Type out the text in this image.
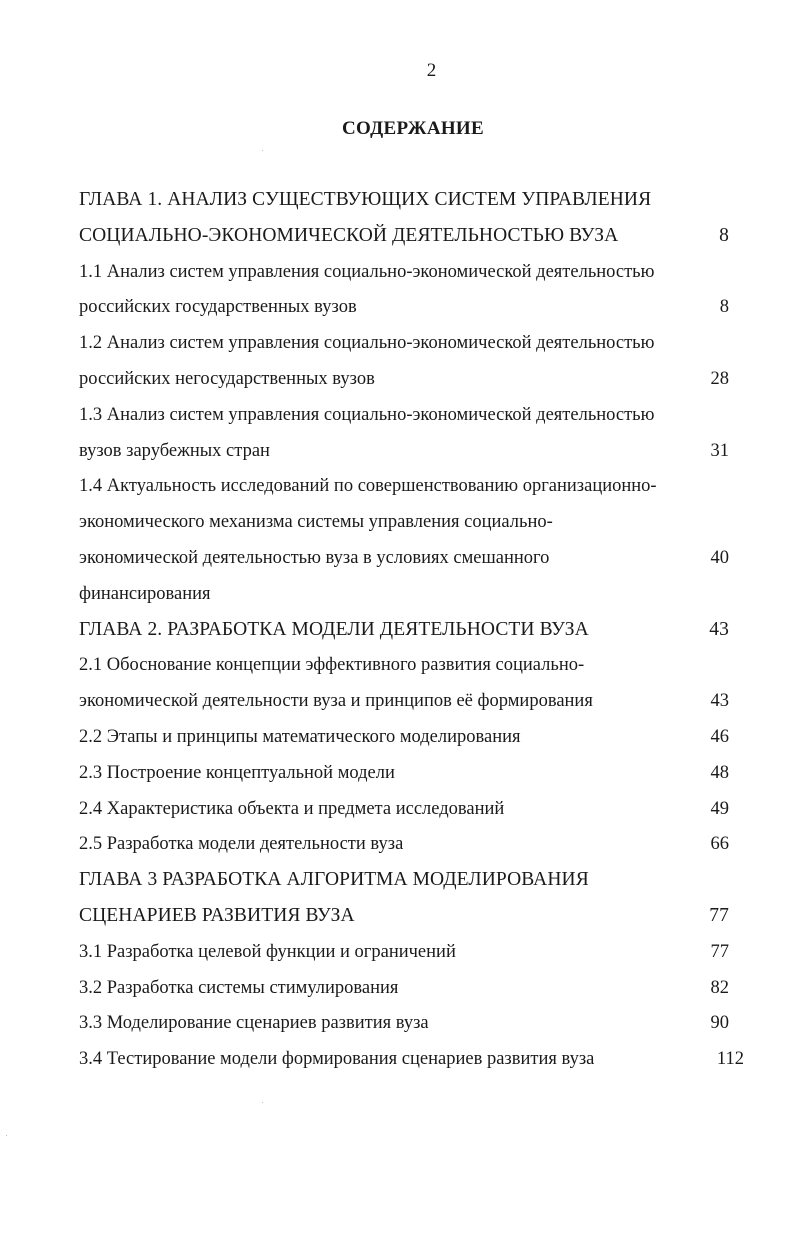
2
СОДЕРЖАНИЕ
ГЛАВА 1. АНАЛИЗ СУЩЕСТВУЮЩИХ СИСТЕМ УПРАВЛЕНИЯ
СОЦИАЛЬНО-ЭКОНОМИЧЕСКОЙ ДЕЯТЕЛЬНОСТЬЮ ВУЗА	8
1.1 Анализ систем управления социально-экономической деятельностью
российских государственных вузов	8
1.2 Анализ систем управления социально-экономической деятельностью
российских негосударственных вузов	28
1.3 Анализ систем управления социально-экономической деятельностью
вузов зарубежных стран	31
1.4 Актуальность исследований по совершенствованию организационно-
экономического механизма системы управления социально-
экономической деятельностью вуза в условиях смешанного	40
финансирования
ГЛАВА 2. РАЗРАБОТКА МОДЕЛИ ДЕЯТЕЛЬНОСТИ ВУЗА	43
2.1 Обоснование концепции эффективного развития социально-
экономической деятельности вуза и принципов её формирования	43
2.2 Этапы и принципы математического моделирования	46
2.3 Построение концептуальной модели	48
2.4 Характеристика объекта и предмета исследований	49
2.5 Разработка модели деятельности вуза	66
ГЛАВА 3 РАЗРАБОТКА АЛГОРИТМА МОДЕЛИРОВАНИЯ
СЦЕНАРИЕВ РАЗВИТИЯ ВУЗА	77
3.1 Разработка целевой функции и ограничений	77
3.2 Разработка системы стимулирования	82
3.3 Моделирование сценариев развития вуза	90
3.4 Тестирование модели формирования сценариев развития вуза	112
